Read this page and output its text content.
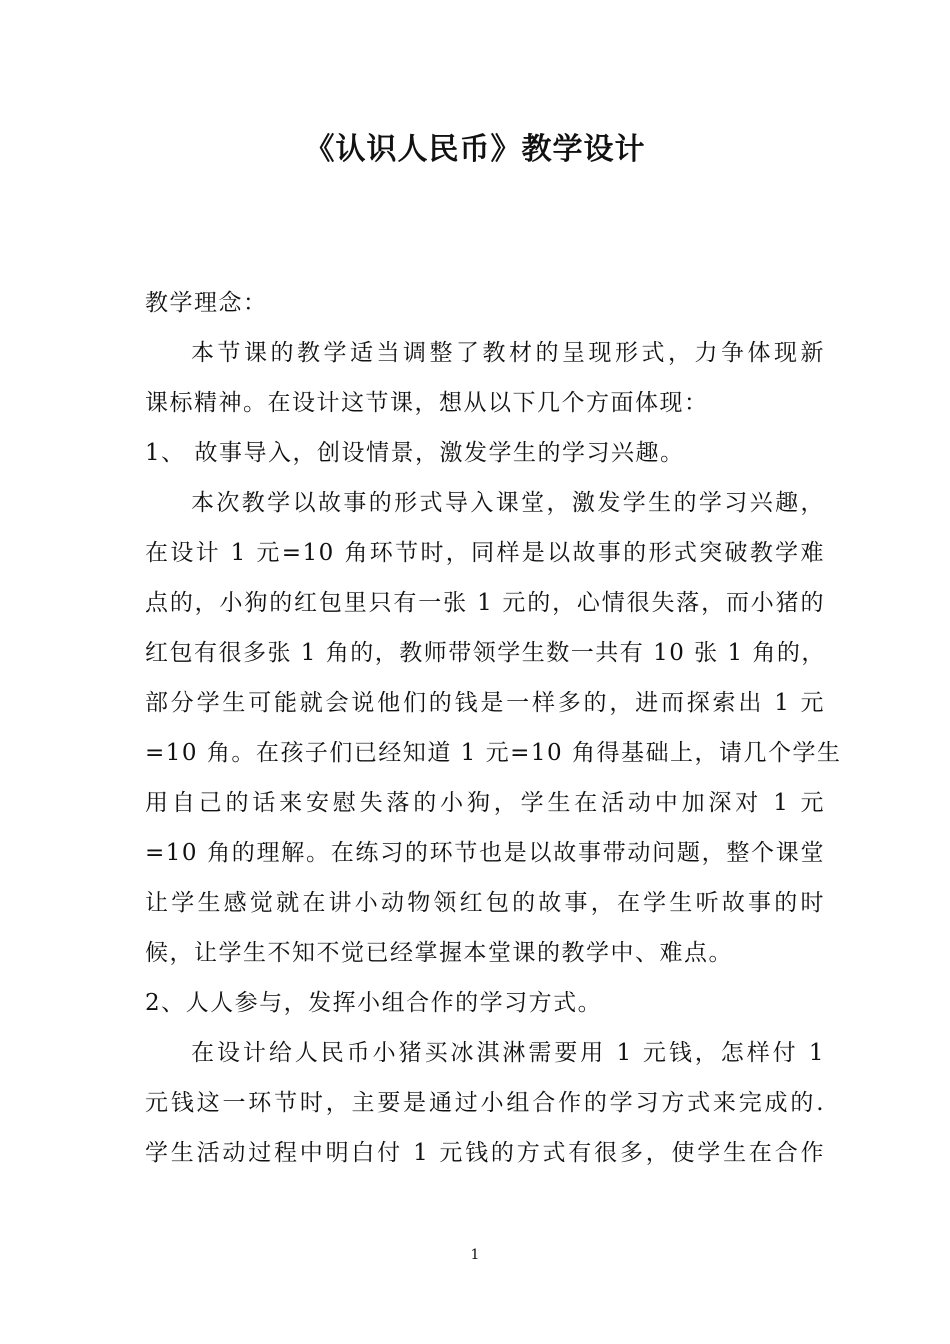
《认识人民币》教学设计
教学理念：
本节课的教学适当调整了教材的呈现形式，力争体现新
课标精神。在设计这节课，想从以下几个方面体现：
1、 故事导入，创设情景，激发学生的学习兴趣。
本次教学以故事的形式导入课堂，激发学生的学习兴趣，
在设计 1 元=10 角环节时，同样是以故事的形式突破教学难
点的，小狗的红包里只有一张 1 元的，心情很失落，而小猪的
红包有很多张 1 角的，教师带领学生数一共有 10 张 1 角的，
部分学生可能就会说他们的钱是一样多的，进而探索出 1 元
=10 角。在孩子们已经知道 1 元=10 角得基础上，请几个学生
用自己的话来安慰失落的小狗，学生在活动中加深对 1 元
=10 角的理解。在练习的环节也是以故事带动问题，整个课堂
让学生感觉就在讲小动物领红包的故事，在学生听故事的时
候，让学生不知不觉已经掌握本堂课的教学中、难点。
2、人人参与，发挥小组合作的学习方式。
在设计给人民币小猪买冰淇淋需要用 1 元钱，怎样付 1
元钱这一环节时，主要是通过小组合作的学习方式来完成的.
学生活动过程中明白付 1 元钱的方式有很多，使学生在合作
1
